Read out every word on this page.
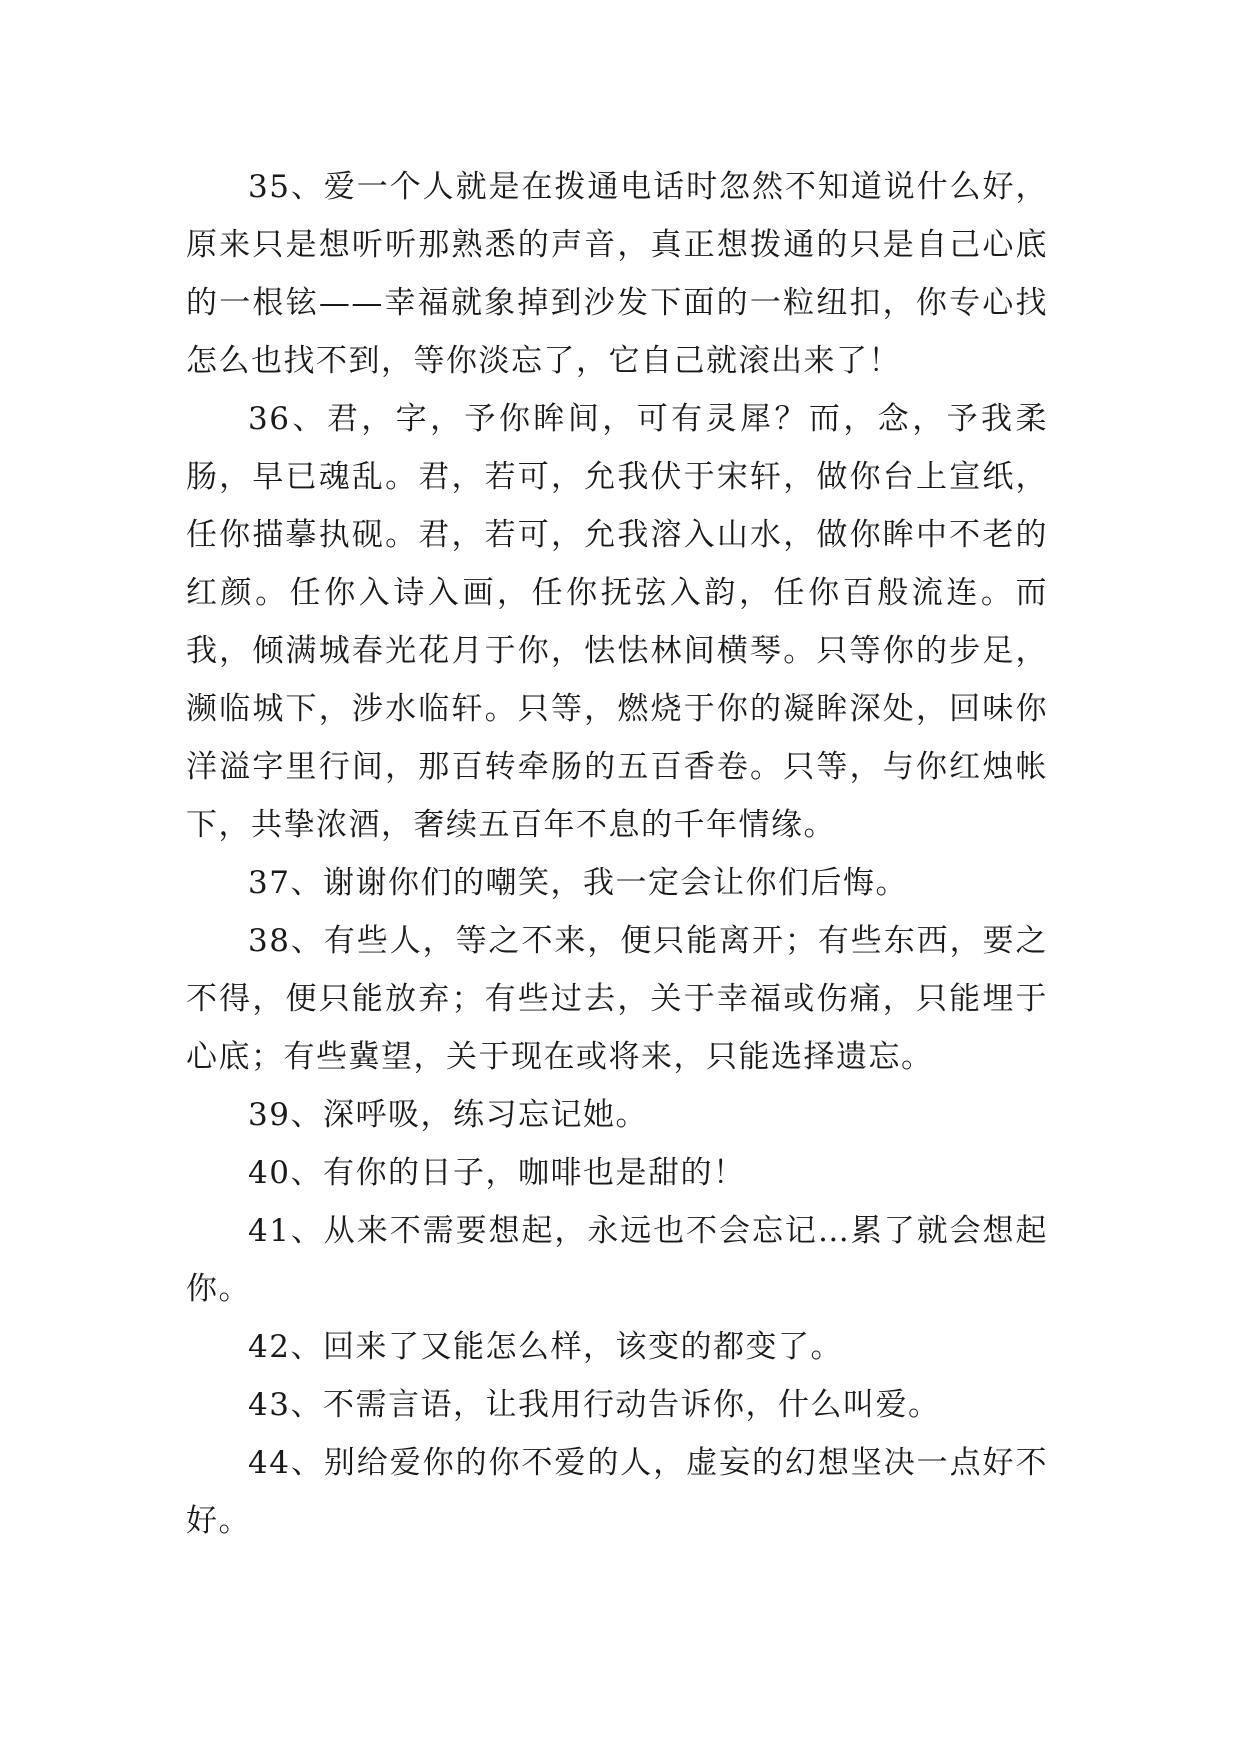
35、爱一个人就是在拨通电话时忽然不知道说什么好，原来只是想听听那熟悉的声音，真正想拨通的只是自己心底的一根铉——幸福就象掉到沙发下面的一粒纽扣，你专心找怎么也找不到，等你淡忘了，它自己就滚出来了！

36、君，字，予你眸间，可有灵犀？而，念，予我柔肠，早已魂乱。君，若可，允我伏于宋轩，做你台上宣纸，任你描摹执砚。君，若可，允我溶入山水，做你眸中不老的红颜。任你入诗入画，任你抚弦入韵，任你百般流连。而我，倾满城春光花月于你，怯怯林间横琴。只等你的步足，濒临城下，涉水临轩。只等，燃烧于你的凝眸深处，回味你洋溢字里行间，那百转牵肠的五百香卷。只等，与你红烛帐下，共挚浓酒，奢续五百年不息的千年情缘。

37、谢谢你们的嘲笑，我一定会让你们后悔。

38、有些人，等之不来，便只能离开；有些东西，要之不得，便只能放弃；有些过去，关于幸福或伤痛，只能埋于心底；有些冀望，关于现在或将来，只能选择遗忘。

39、深呼吸，练习忘记她。

40、有你的日子，咖啡也是甜的！

41、从来不需要想起，永远也不会忘记…累了就会想起你。

42、回来了又能怎么样，该变的都变了。

43、不需言语，让我用行动告诉你，什么叫爱。

44、别给爱你的你不爱的人，虚妄的幻想坚决一点好不好。
